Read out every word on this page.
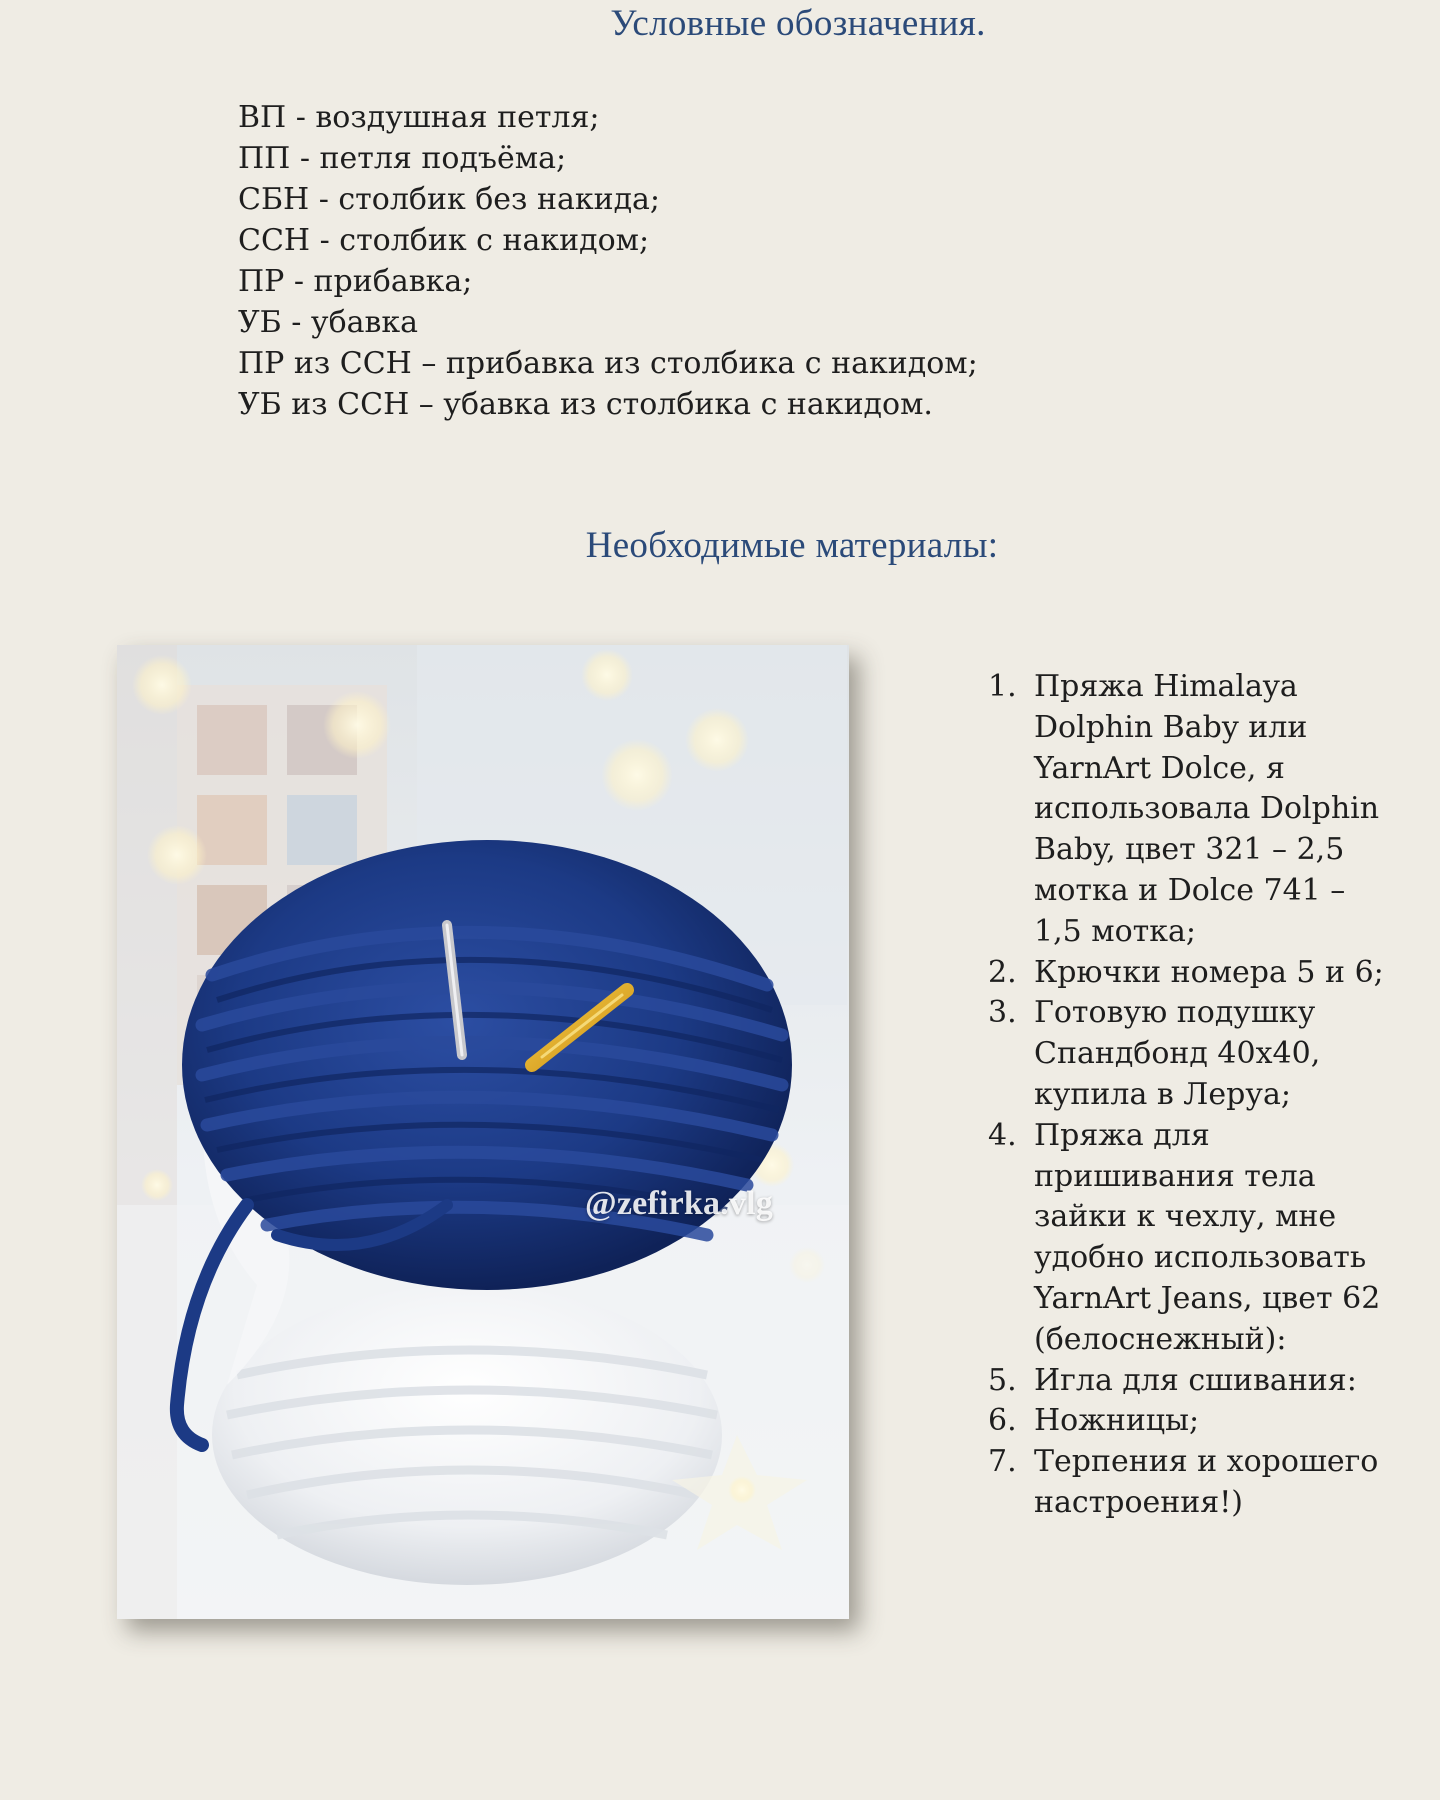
Условные обозначения.
ВП - воздушная петля;
ПП - петля подъёма;
СБН - столбик без накида;
ССН - столбик с накидом;
ПР - прибавка;
УБ - убавка
ПР из ССН – прибавка из столбика с накидом;
УБ из ССН – убавка из столбика с накидом.
Необходимые материалы:
@zefirka.vlg
1. Пряжа Himalaya Dolphin Baby или YarnArt Dolce, я использовала Dolphin Baby, цвет 321 – 2,5 мотка и Dolce 741 – 1,5 мотка;
2. Крючки номера 5 и 6;
3. Готовую подушку Спандбонд 40х40, купила в Леруа;
4. Пряжа для пришивания тела зайки к чехлу, мне удобно использовать YarnArt Jeans, цвет 62 (белоснежный):
5. Игла для сшивания:
6. Ножницы;
7. Терпения и хорошего настроения!)
